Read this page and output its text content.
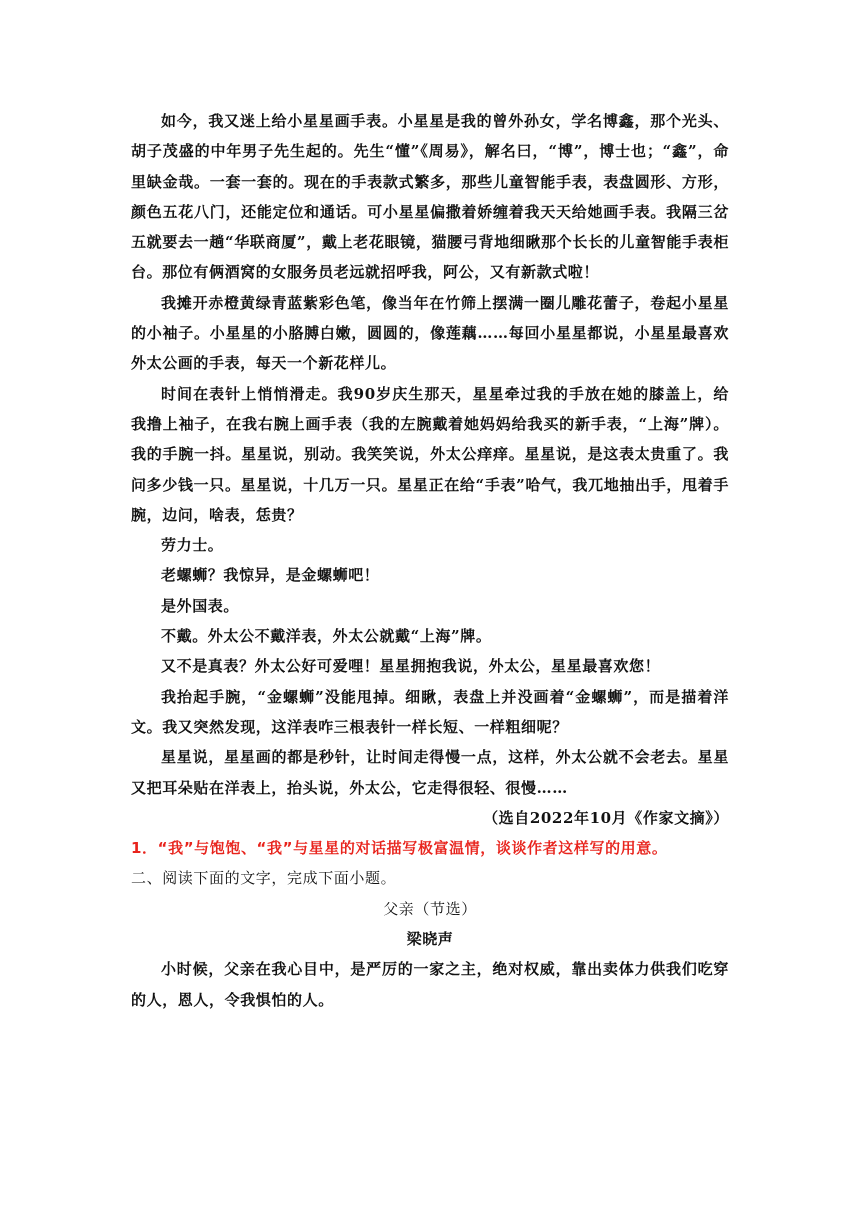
如今，我又迷上给小星星画手表。小星星是我的曾外孙女，学名博鑫，那个光头、胡子茂盛的中年男子先生起的。先生“懂”《周易》，解名曰，“博”，博士也；“鑫”，命里缺金哉。一套一套的。现在的手表款式繁多，那些儿童智能手表，表盘圆形、方形，颜色五花八门，还能定位和通话。可小星星偏撒着娇缠着我天天给她画手表。我隔三岔五就要去一趟“华联商厦”，戴上老花眼镜，猫腰弓背地细瞅那个长长的儿童智能手表柜台。那位有俩酒窝的女服务员老远就招呼我，阿公，又有新款式啦！

我摊开赤橙黄绿青蓝紫彩色笔，像当年在竹筛上摆满一圈儿雕花蕾子，卷起小星星的小袖子。小星星的小胳膊白嫩，圆圆的，像莲藕……每回小星星都说，小星星最喜欢外太公画的手表，每天一个新花样儿。

时间在表针上悄悄滑走。我90岁庆生那天，星星牵过我的手放在她的膝盖上，给我撸上袖子，在我右腕上画手表（我的左腕戴着她妈妈给我买的新手表，“上海”牌）。我的手腕一抖。星星说，别动。我笑笑说，外太公痒痒。星星说，是这表太贵重了。我问多少钱一只。星星说，十几万一只。星星正在给“手表”哈气，我兀地抽出手，甩着手腕，边问，啥表，恁贵？

劳力士。

老螺蛳？我惊异，是金螺蛳吧！

是外国表。

不戴。外太公不戴洋表，外太公就戴“上海”牌。

又不是真表？外太公好可爱哩！星星拥抱我说，外太公，星星最喜欢您！

我抬起手腕，“金螺蛳”没能甩掉。细瞅，表盘上并没画着“金螺蛳”，而是描着洋文。我又突然发现，这洋表咋三根表针一样长短、一样粗细呢？

星星说，星星画的都是秒针，让时间走得慢一点，这样，外太公就不会老去。星星又把耳朵贴在洋表上，抬头说，外太公，它走得很轻、很慢……

（选自2022年10月《作家文摘》）

1．“我”与饱饱、“我”与星星的对话描写极富温情，谈谈作者这样写的用意。

二、阅读下面的文字，完成下面小题。

父亲（节选）

梁晓声

小时候，父亲在我心目中，是严厉的一家之主，绝对权威，靠出卖体力供我们吃穿的人，恩人，令我惧怕的人。
